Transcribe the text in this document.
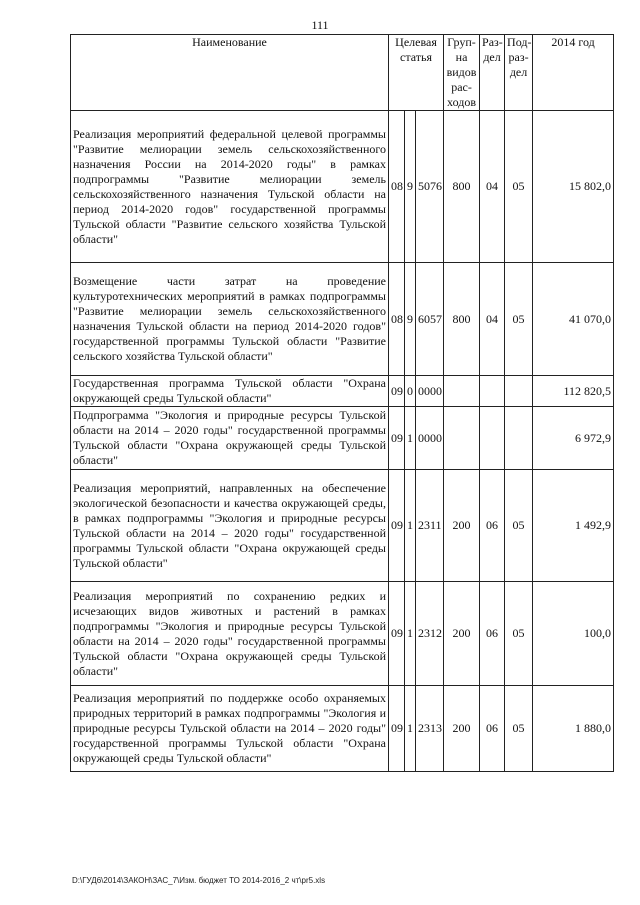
111
Наименование	Целевая статья			Груп-на видов рас-ходов	Раз-дел	Под-раз-дел	2014 год
Реализация мероприятий федеральной целевой программы "Развитие мелиорации земель сельскохозяйственного назначения России на 2014-2020 годы" в рамках подпрограммы "Развитие мелиорации земель сельскохозяйственного назначения Тульской области на период 2014-2020 годов" государственной программы Тульской области "Развитие сельского хозяйства Тульской области"	08	9	5076	800	04	05	15 802,0
Возмещение части затрат на проведение культуротехнических мероприятий в рамках подпрограммы "Развитие мелиорации земель сельскохозяйственного назначения Тульской области на период 2014-2020 годов" государственной программы Тульской области "Развитие сельского хозяйства Тульской области"	08	9	6057	800	04	05	41 070,0
Государственная программа Тульской области "Охрана окружающей среды Тульской области"	09	0	0000				112 820,5
Подпрограмма "Экология и природные ресурсы Тульской области на 2014 – 2020 годы" государственной программы Тульской области "Охрана окружающей среды Тульской области"	09	1	0000				6 972,9
Реализация мероприятий, направленных на обеспечение экологической безопасности и качества окружающей среды, в рамках подпрограммы "Экология и природные ресурсы Тульской области на 2014 – 2020 годы" государственной программы Тульской области "Охрана окружающей среды Тульской области"	09	1	2311	200	06	05	1 492,9
Реализация мероприятий по сохранению редких и исчезающих видов животных и растений в рамках подпрограммы "Экология и природные ресурсы Тульской области на 2014 – 2020 годы" государственной программы Тульской области "Охрана окружающей среды Тульской области"	09	1	2312	200	06	05	100,0
Реализация мероприятий по поддержке особо охраняемых природных территорий в рамках подпрограммы "Экология и природные ресурсы Тульской области на 2014 – 2020 годы" государственной программы Тульской области "Охрана окружающей среды Тульской области"	09	1	2313	200	06	05	1 880,0
D:\ГУД6\2014\ЗАКОН\ЗАС_7\Изм. бюджет ТО 2014-2016_2 чт\pr5.xls
